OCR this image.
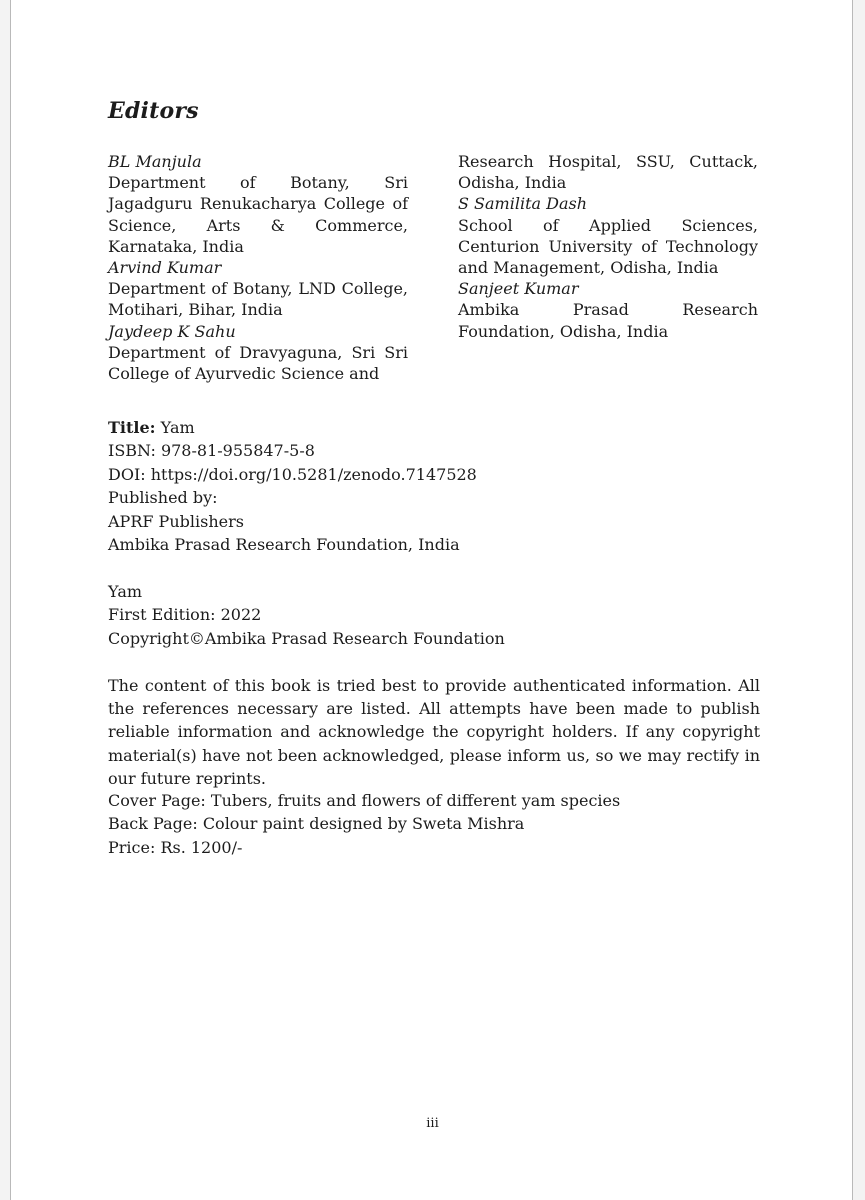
Editors

BL Manjula

Department of Botany, Sri Jagadguru Renukacharya College of Science, Arts & Commerce, Karnataka, India

Arvind Kumar

Department of Botany, LND College, Motihari, Bihar, India

Jaydeep K Sahu

Department of Dravyaguna, Sri Sri College of Ayurvedic Science and

Research Hospital, SSU, Cuttack, Odisha, India

S Samilita Dash

School of Applied Sciences, Centurion University of Technology and Management, Odisha, India

Sanjeet Kumar

Ambika Prasad Research Foundation, Odisha, India

Title: Yam

ISBN: 978-81-955847-5-8

DOI: https://doi.org/10.5281/zenodo.7147528

Published by:

APRF Publishers

Ambika Prasad Research Foundation, India

Yam

First Edition: 2022

Copyright©Ambika Prasad Research Foundation

The content of this book is tried best to provide authenticated information. All the references necessary are listed. All attempts have been made to publish reliable information and acknowledge the copyright holders. If any copyright material(s) have not been acknowledged, please inform us, so we may rectify in our future reprints.

Cover Page: Tubers, fruits and flowers of different yam species

Back Page: Colour paint designed by Sweta Mishra

Price: Rs. 1200/-

iii
